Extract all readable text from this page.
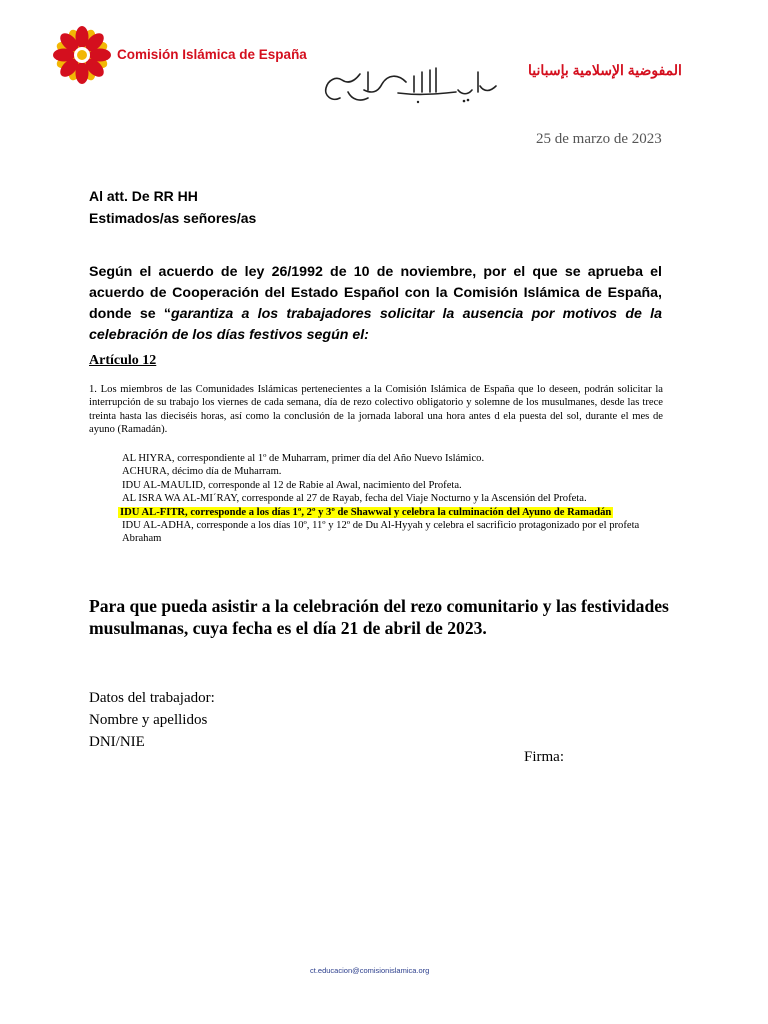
Comisión Islámica de España
المفوضية الإسلامية بإسبانيا
25 de marzo de 2023
Al att. De RR HH
Estimados/as señores/as
Según el acuerdo de ley 26/1992 de 10 de noviembre, por el que se aprueba el acuerdo de Cooperación del Estado Español con la Comisión Islámica de España, donde se “garantiza a los trabajadores solicitar la ausencia por motivos de la celebración de los días festivos según el:
Artículo 12
1. Los miembros de las Comunidades Islámicas pertenecientes a la Comisión Islámica de España que lo deseen, podrán solicitar la interrupción de su trabajo los viernes de cada semana, día de rezo colectivo obligatorio y solemne de los musulmanes, desde las trece treinta hasta las dieciséis horas, así como la conclusión de la jornada laboral una hora antes d ela puesta del sol, durante el mes de ayuno (Ramadán).
AL HIYRA, correspondiente al 1º de Muharram, primer día del Año Nuevo Islámico.
ACHURA, décimo día de Muharram.
IDU AL-MAULID, corresponde al 12 de Rabie al Awal, nacimiento del Profeta.
AL ISRA WA AL-MI´RAY, corresponde al 27 de Rayab, fecha del Viaje Nocturno y la Ascensión del Profeta.
IDU AL-FITR, corresponde a los días 1º, 2º y 3º de Shawwal y celebra la culminación del Ayuno de Ramadán
IDU AL-ADHA, corresponde a los días 10º, 11º y 12º de Du Al-Hyyah y celebra el sacrificio protagonizado por el profeta Abraham
Para que pueda asistir a la celebración del rezo comunitario y las festividades musulmanas, cuya fecha es el día 21 de abril de 2023.
Datos del trabajador:
Nombre y apellidos
DNI/NIE
Firma:
ct.educacion@comisionislamica.org
